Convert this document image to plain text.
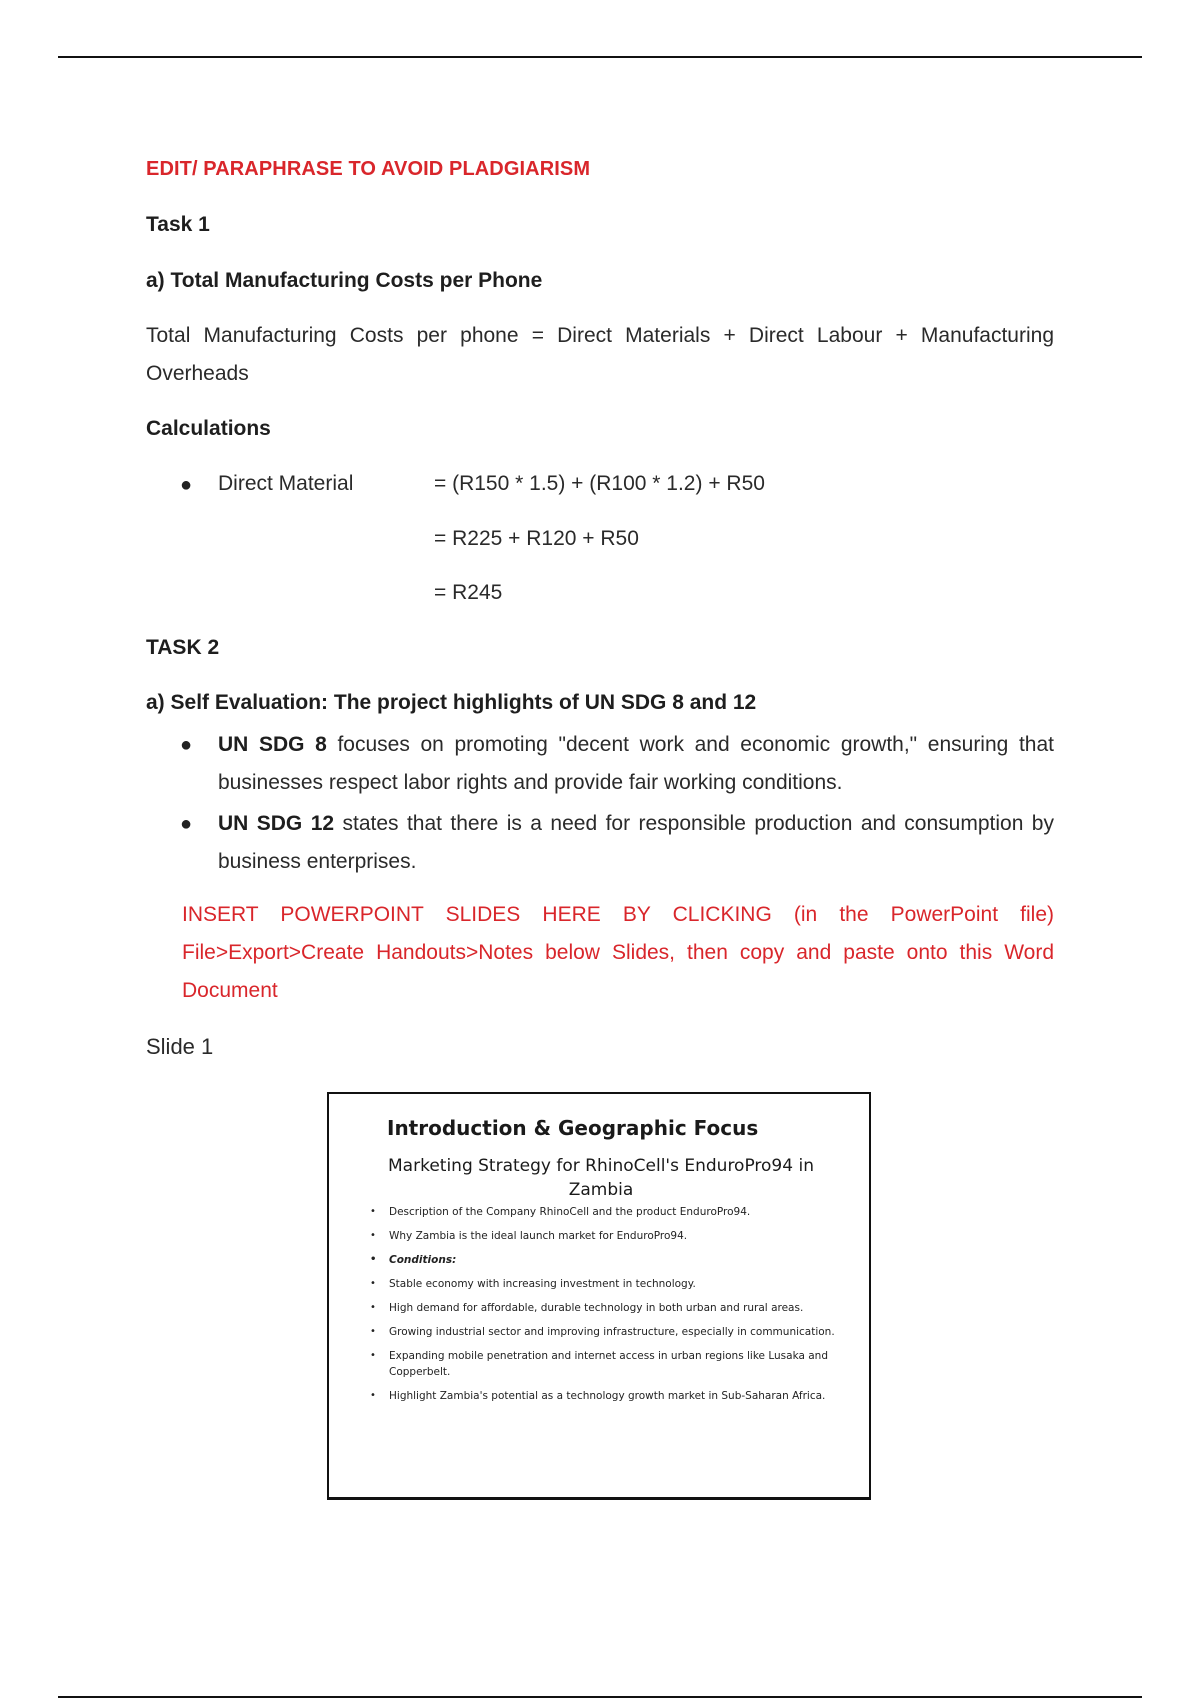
EDIT/ PARAPHRASE TO AVOID PLADGIARISM
Task 1
a) Total Manufacturing Costs per Phone
Total Manufacturing Costs per phone = Direct Materials + Direct Labour + Manufacturing Overheads
Calculations
● Direct Material	= (R150 * 1.5) + (R100 * 1.2) + R50
= R225 + R120 + R50
= R245
TASK 2
a) Self Evaluation: The project highlights of UN SDG 8 and 12
● UN SDG 8 focuses on promoting "decent work and economic growth," ensuring that businesses respect labor rights and provide fair working conditions.
● UN SDG 12 states that there is a need for responsible production and consumption by business enterprises.
INSERT POWERPOINT SLIDES HERE BY CLICKING (in the PowerPoint file) File>Export>Create Handouts>Notes below Slides, then copy and paste onto this Word Document
Slide 1
Introduction & Geographic Focus
Marketing Strategy for RhinoCell's EnduroPro94 in Zambia
• Description of the Company RhinoCell and the product EnduroPro94.
• Why Zambia is the ideal launch market for EnduroPro94.
• Conditions:
• Stable economy with increasing investment in technology.
• High demand for affordable, durable technology in both urban and rural areas.
• Growing industrial sector and improving infrastructure, especially in communication.
• Expanding mobile penetration and internet access in urban regions like Lusaka and Copperbelt.
• Highlight Zambia's potential as a technology growth market in Sub-Saharan Africa.
